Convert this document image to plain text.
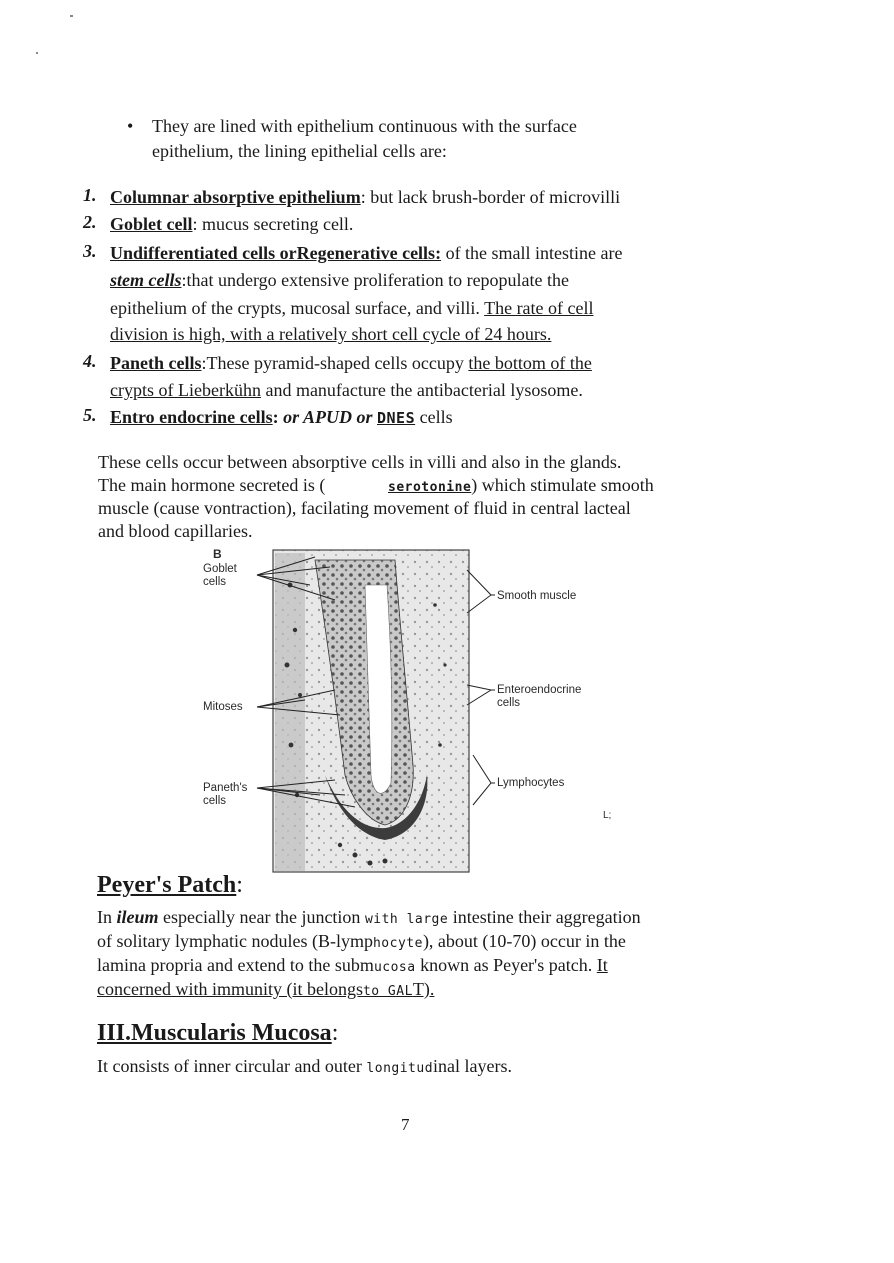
• They are lined with epithelium continuous with the surface
epithelium, the lining epithelial cells are:
1. Columnar absorptive epithelium: but lack brush-border of microvilli
2. Goblet cell: mucus secreting cell.
3. Undifferentiated cells orRegenerative cells: of the small intestine are
stem cells:that undergo extensive proliferation to repopulate the
epithelium of the crypts, mucosal surface, and villi. The rate of cell
division is high, with a relatively short cell cycle of 24 hours.
4. Paneth cells:These pyramid-shaped cells occupy the bottom of the
crypts of Lieberkühn and manufacture the antibacterial lysosome.
5. Entro endocrine cells: or APUD or DNES cells
These cells occur between absorptive cells in villi and also in the glands.
The main hormone secreted is (	serotonine) which stimulate smooth
muscle (cause vontraction), facilating movement of fluid in central lacteal
and blood capillaries.
B
Goblet
cells
Mitoses
Paneth's
cells
Smooth muscle
Enteroendocrine
cells
Lymphocytes
L;
Peyer's Patch:
In ileum especially near the junction with large intestine their aggregation
of solitary lymphatic nodules (B-lymphocyte), about (10-70) occur in the
lamina propria and extend to the submucosa known as Peyer's patch. It
concerned with immunity (it belongsto GALT).
III.Muscularis Mucosa:
It consists of inner circular and outer longitudinal layers.
7
